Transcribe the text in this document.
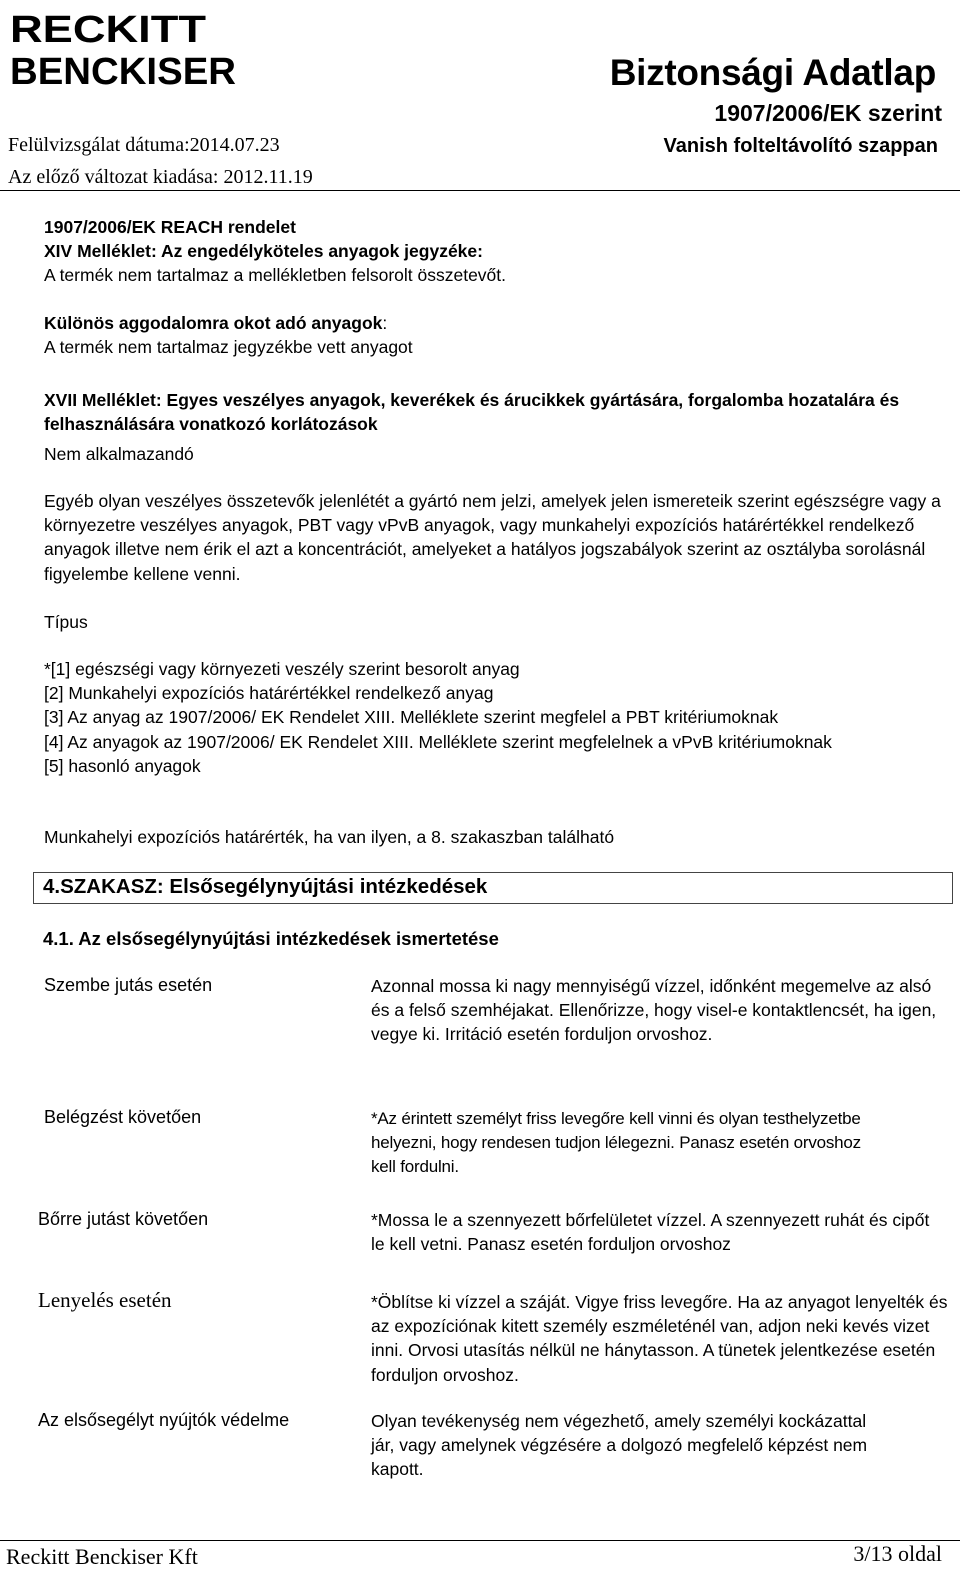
RECKITT
BENCKISER	Biztonsági Adatlap
1907/2006/EK szerint
Vanish folteltávolító szappan
Felülvizsgálat dátuma:2014.07.23
Az előző változat kiadása: 2012.11.19
1907/2006/EK REACH rendelet
XIV Melléklet: Az engedélyköteles anyagok jegyzéke:
A termék nem tartalmaz a mellékletben felsorolt összetevőt.
Különös aggodalomra okot adó anyagok:
A termék nem tartalmaz jegyzékbe vett anyagot
XVII Melléklet: Egyes veszélyes anyagok, keverékek és árucikkek gyártására, forgalomba hozatalára és felhasználására vonatkozó korlátozások
Nem alkalmazandó
Egyéb olyan veszélyes összetevők jelenlétét a gyártó nem jelzi, amelyek jelen ismereteik szerint egészségre vagy a környezetre veszélyes anyagok, PBT vagy vPvB anyagok, vagy munkahelyi expozíciós határértékkel rendelkező anyagok illetve nem érik el azt a koncentrációt, amelyeket a hatályos jogszabályok szerint az osztályba sorolásnál figyelembe kellene venni.
Típus
*[1] egészségi vagy környezeti veszély szerint besorolt anyag
[2] Munkahelyi expozíciós határértékkel rendelkező anyag
[3] Az anyag az 1907/2006/ EK Rendelet XIII. Melléklete szerint megfelel a PBT kritériumoknak
[4] Az anyagok az 1907/2006/ EK Rendelet XIII. Melléklete szerint megfelelnek a vPvB kritériumoknak
[5] hasonló anyagok
Munkahelyi expozíciós határérték, ha van ilyen, a 8. szakaszban található
4.SZAKASZ: Elsősegélynyújtási intézkedések
4.1. Az elsősegélynyújtási intézkedések ismertetése
Szembe jutás esetén	Azonnal mossa ki nagy mennyiségű vízzel, időnként megemelve az alsó és a felső szemhéjakat. Ellenőrizze, hogy visel-e kontaktlencsét, ha igen, vegye ki. Irritáció esetén forduljon orvoshoz.
Belégzést követően	*Az érintett személyt friss levegőre kell vinni és olyan testhelyzetbe helyezni, hogy rendesen tudjon lélegezni. Panasz esetén orvoshoz kell fordulni.
Bőrre jutást követően	*Mossa le a szennyezett bőrfelületet vízzel. A szennyezett ruhát és cipőt le kell vetni. Panasz esetén forduljon orvoshoz
Lenyelés esetén	*Öblítse ki vízzel a száját. Vigye friss levegőre. Ha az anyagot lenyelték és az expozíciónak kitett személy eszméleténél van, adjon neki kevés vizet inni. Orvosi utasítás nélkül ne hánytasson. A tünetek jelentkezése esetén forduljon orvoshoz.
Az elsősegélyt nyújtók védelme	Olyan tevékenység nem végezhető, amely személyi kockázattal jár, vagy amelynek végzésére a dolgozó megfelelő képzést nem kapott.
Reckitt Benckiser Kft	3/13 oldal
